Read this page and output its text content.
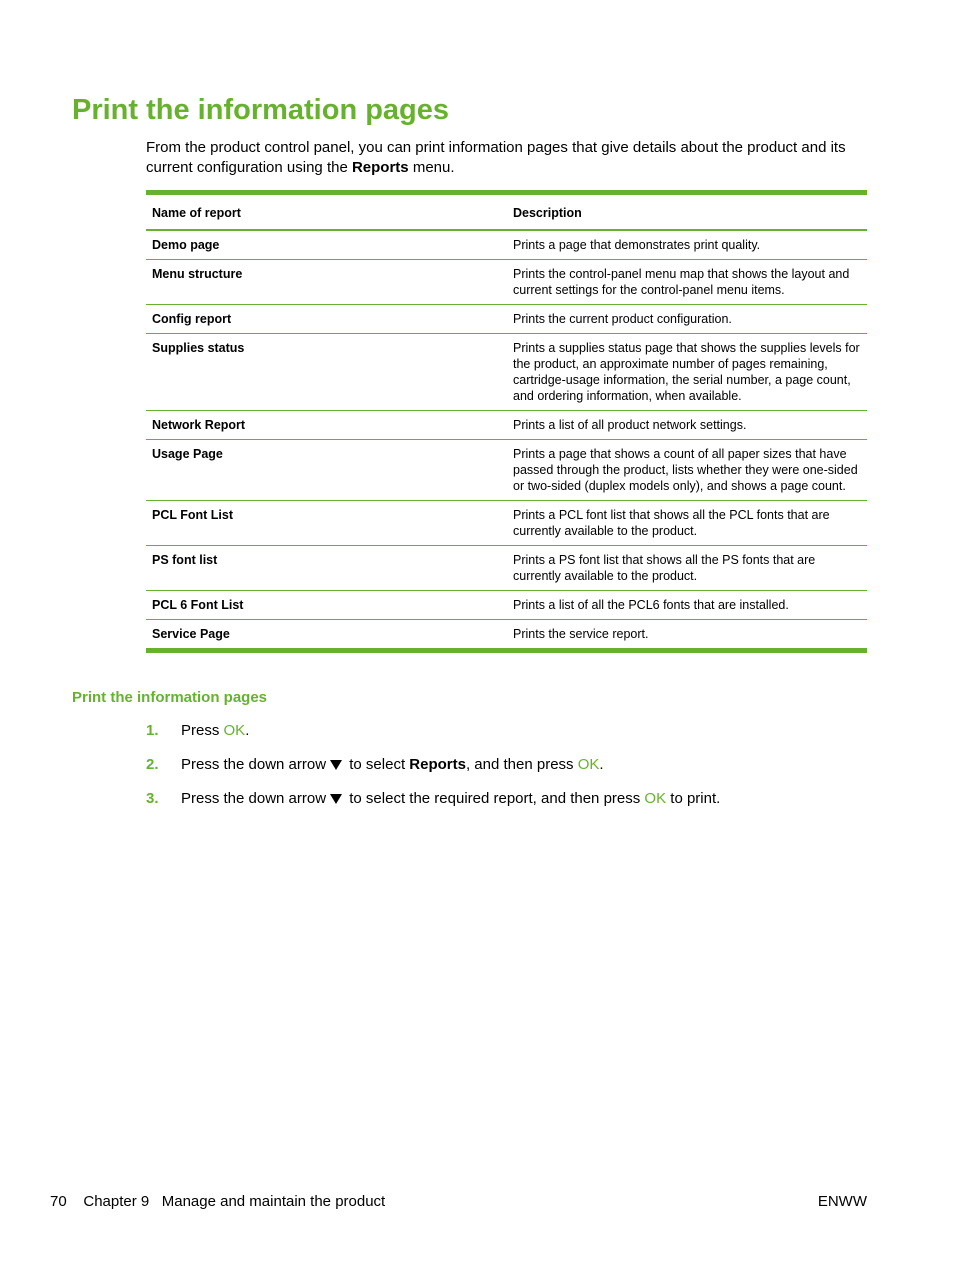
Print the information pages

From the product control panel, you can print information pages that give details about the product and its current configuration using the Reports menu.

Name of report	Description
Demo page	Prints a page that demonstrates print quality.
Menu structure	Prints the control-panel menu map that shows the layout and current settings for the control-panel menu items.
Config report	Prints the current product configuration.
Supplies status	Prints a supplies status page that shows the supplies levels for the product, an approximate number of pages remaining, cartridge-usage information, the serial number, a page count, and ordering information, when available.
Network Report	Prints a list of all product network settings.
Usage Page	Prints a page that shows a count of all paper sizes that have passed through the product, lists whether they were one-sided or two-sided (duplex models only), and shows a page count.
PCL Font List	Prints a PCL font list that shows all the PCL fonts that are currently available to the product.
PS font list	Prints a PS font list that shows all the PS fonts that are currently available to the product.
PCL 6 Font List	Prints a list of all the PCL6 fonts that are installed.
Service Page	Prints the service report.
Print the information pages
1. Press OK.
2. Press the down arrow to select Reports, and then press OK.
3. Press the down arrow to select the required report, and then press OK to print.
70 Chapter 9   Manage and maintain the product	ENWW
